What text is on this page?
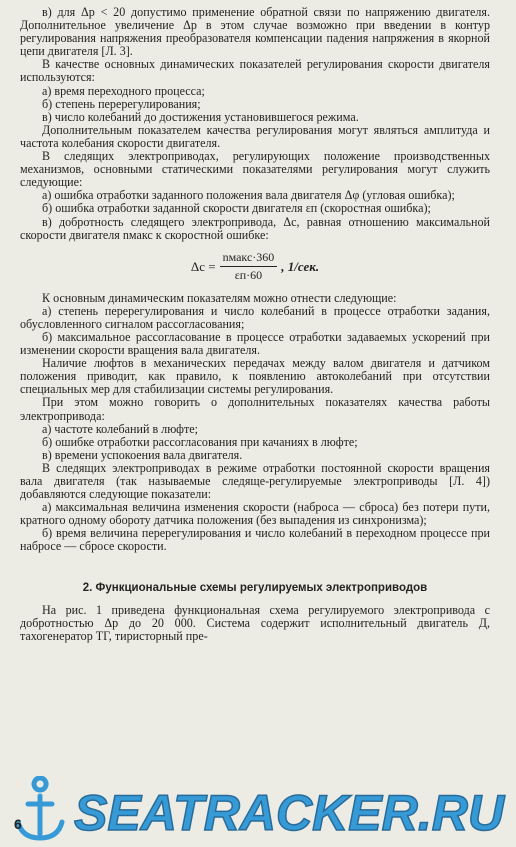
в) для Δp < 20 допустимо применение обратной связи по напряжению двигателя. Дополнительное увеличение Δp в этом случае возможно при введении в контур регулирования напряжения преобразователя компенсации падения напряжения в якорной цепи двигателя [Л. 3].

В качестве основных динамических показателей регулирования скорости двигателя используются:

а) время переходного процесса;

б) степень перерегулирования;

в) число колебаний до достижения установившегося режима.

Дополнительным показателем качества регулирования могут являться амплитуда и частота колебания скорости двигателя.

В следящих электроприводах, регулирующих положение производственных механизмов, основными статическими показателями регулирования могут служить следующие:

а) ошибка отработки заданного положения вала двигателя Δφ (угловая ошибка);

б) ошибка отработки заданной скорости двигателя εп (скоростная ошибка);

в) добротность следящего электропривода, Δс, равная отношению максимальной скорости двигателя nмакс к скоростной ошибке:

$\Delta с = \frac{\text{nмакс·360}}{\varepsilon п\cdot 60}$ , 1/сек.

К основным динамическим показателям можно отнести следующие:

а) степень перерегулирования и число колебаний в процессе отработки задания, обусловленного сигналом рассогласования;

б) максимальное рассогласование в процессе отработки задаваемых ускорений при изменении скорости вращения вала двигателя.

Наличие люфтов в механических передачах между валом двигателя и датчиком положения приводит, как правило, к появлению автоколебаний при отсутствии специальных мер для стабилизации системы регулирования.

При этом можно говорить о дополнительных показателях качества работы электропривода:

а) частоте колебаний в люфте;

б) ошибке отработки рассогласования при качаниях в люфте;

в) времени успокоения вала двигателя.

В следящих электроприводах в режиме отработки постоянной скорости вращения вала двигателя (так называемые следяще-регулируемые электроприводы [Л. 4]) добавляются следующие показатели:

а) максимальная величина изменения скорости (наброса — сброса) без потери пути, кратного одному обороту датчика положения (без выпадения из синхронизма);

б) время величина перерегулирования и число колебаний в переходном процессе при набросе — сбросе скорости.

2. Функциональные схемы регулируемых электроприводов

На рис. 1 приведена функциональная схема регулируемого электропривода с добротностью Δp до 20 000. Система содержит исполнительный двигатель Д, тахогенератор ТГ, тиристорный пре-

SEATRACKER.RU
6
